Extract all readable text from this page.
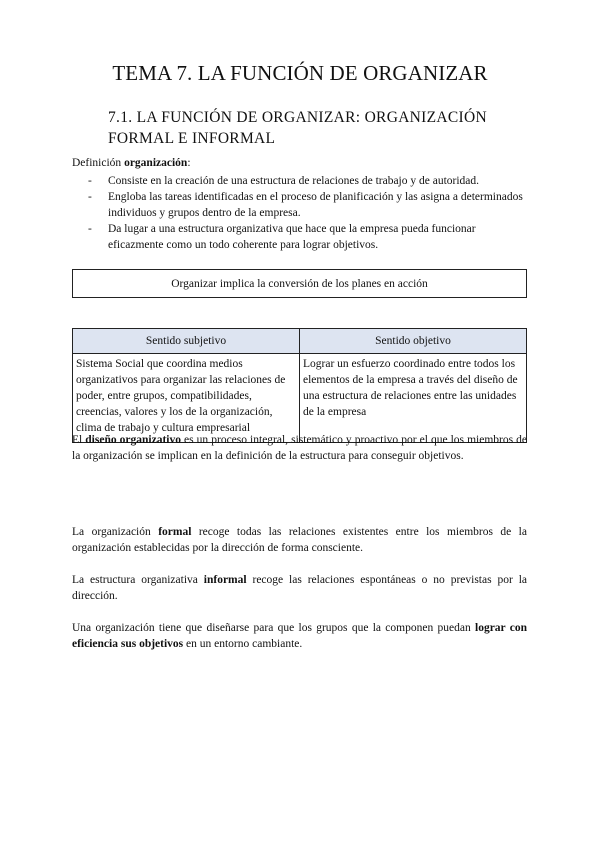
TEMA 7. LA FUNCIÓN DE ORGANIZAR
7.1. LA FUNCIÓN DE ORGANIZAR: ORGANIZACIÓN FORMAL E INFORMAL

Definición organización:

- Consiste en la creación de una estructura de relaciones de trabajo y de autoridad.
- Engloba las tareas identificadas en el proceso de planificación y las asigna a determinados individuos y grupos dentro de la empresa.
- Da lugar a una estructura organizativa que hace que la empresa pueda funcionar eficazmente como un todo coherente para lograr objetivos.
Organizar implica la conversión de los planes en acción
Sentido subjetivo	Sentido objetivo
Sistema Social que coordina medios organizativos para organizar las relaciones de poder, entre grupos, compatibilidades, creencias, valores y los de la organización, clima de trabajo y cultura empresarial	Lograr un esfuerzo coordinado entre todos los elementos de la empresa a través del diseño de una estructura de relaciones entre las unidades de la empresa

El diseño organizativo es un proceso integral, sistemático y proactivo por el que los miembros de la organización se implican en la definición de la estructura para conseguir objetivos.

La organización formal recoge todas las relaciones existentes entre los miembros de la organización establecidas por la dirección de forma consciente.

La estructura organizativa informal recoge las relaciones espontáneas o no previstas por la dirección.

Una organización tiene que diseñarse para que los grupos que la componen puedan lograr con eficiencia sus objetivos en un entorno cambiante.
